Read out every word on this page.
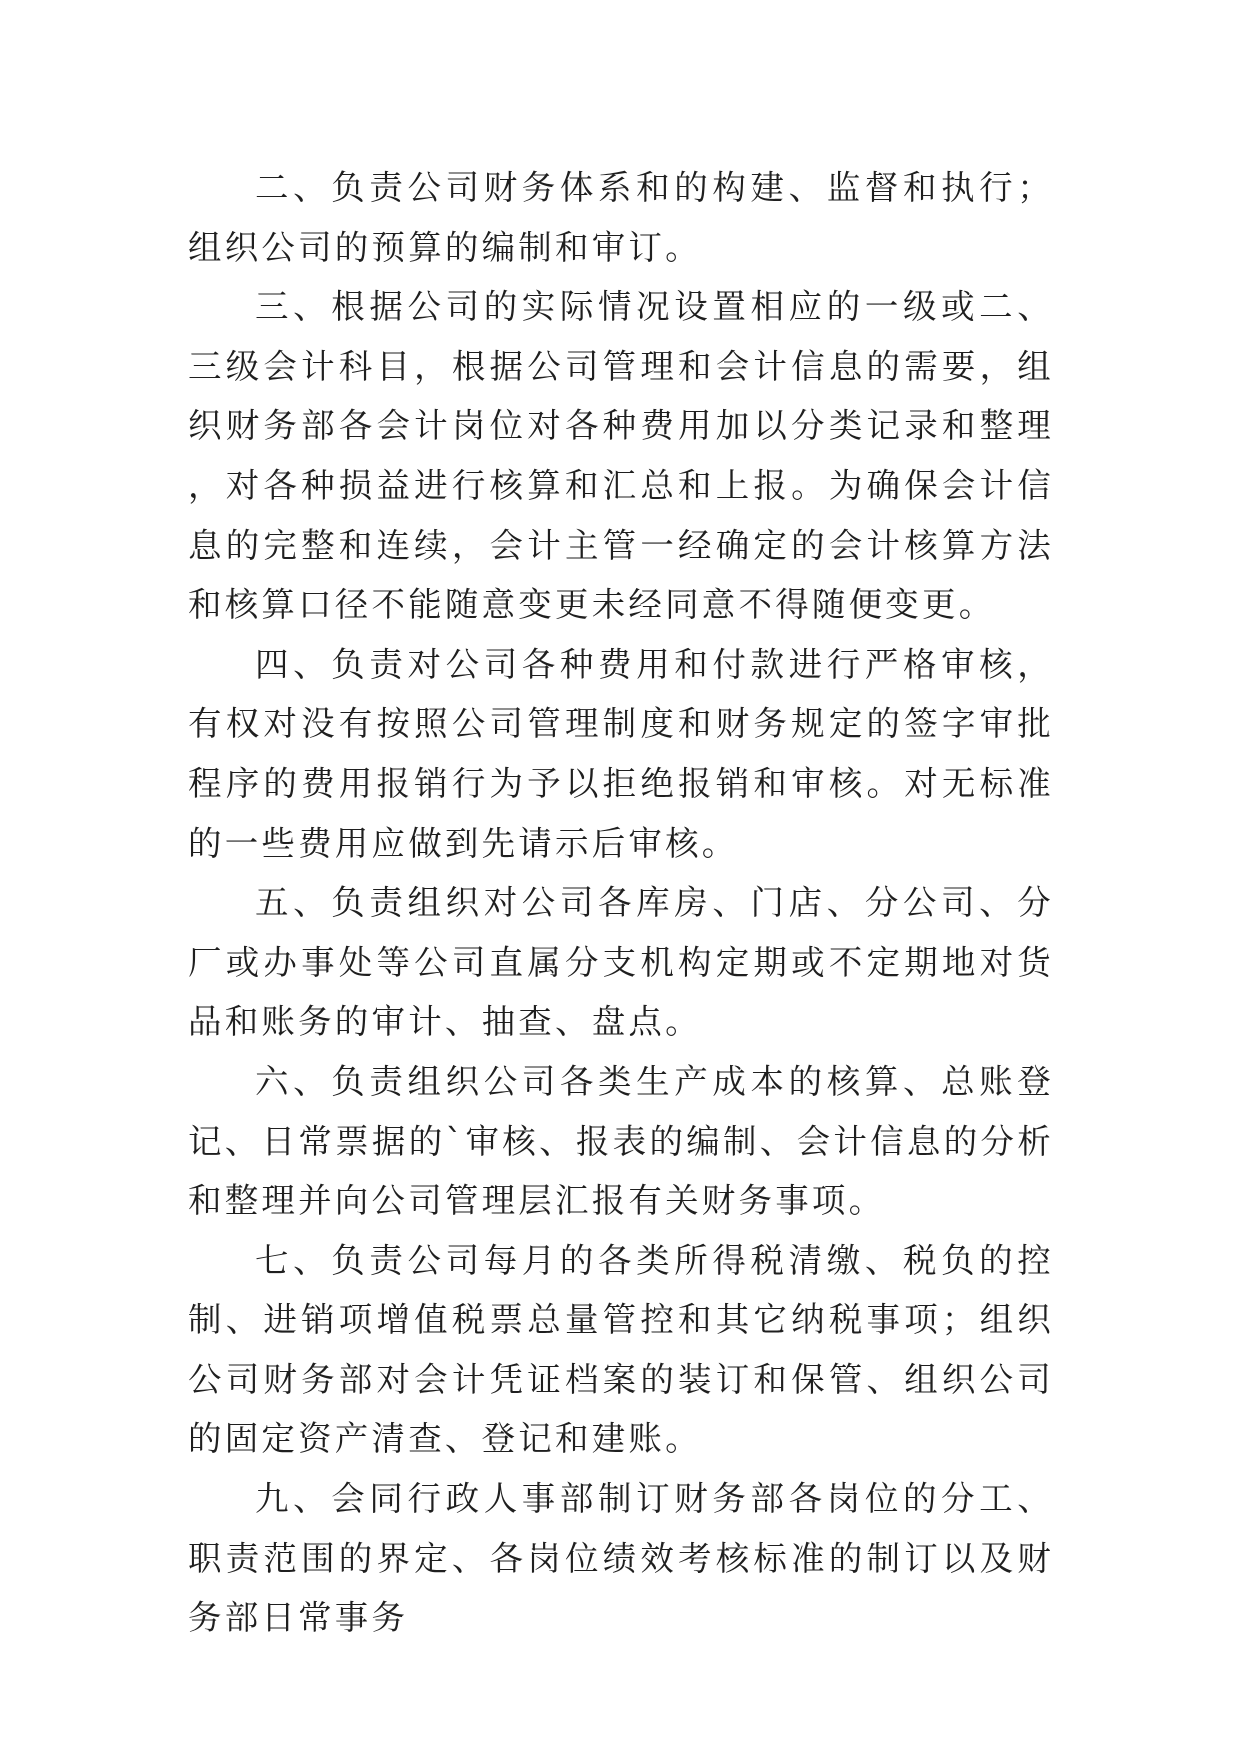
二、负责公司财务体系和的构建、监督和执行；组织公司的预算的编制和审订。

三、根据公司的实际情况设置相应的一级或二、三级会计科目，根据公司管理和会计信息的需要，组织财务部各会计岗位对各种费用加以分类记录和整理，对各种损益进行核算和汇总和上报。为确保会计信息的完整和连续，会计主管一经确定的会计核算方法和核算口径不能随意变更未经同意不得随便变更。

四、负责对公司各种费用和付款进行严格审核，有权对没有按照公司管理制度和财务规定的签字审批程序的费用报销行为予以拒绝报销和审核。对无标准的一些费用应做到先请示后审核。

五、负责组织对公司各库房、门店、分公司、分厂或办事处等公司直属分支机构定期或不定期地对货品和账务的审计、抽查、盘点。

六、负责组织公司各类生产成本的核算、总账登记、日常票据的`审核、报表的编制、会计信息的分析和整理并向公司管理层汇报有关财务事项。

七、负责公司每月的各类所得税清缴、税负的控制、进销项增值税票总量管控和其它纳税事项；组织公司财务部对会计凭证档案的装订和保管、组织公司的固定资产清查、登记和建账。

九、会同行政人事部制订财务部各岗位的分工、职责范围的界定、各岗位绩效考核标准的制订以及财务部日常事务
